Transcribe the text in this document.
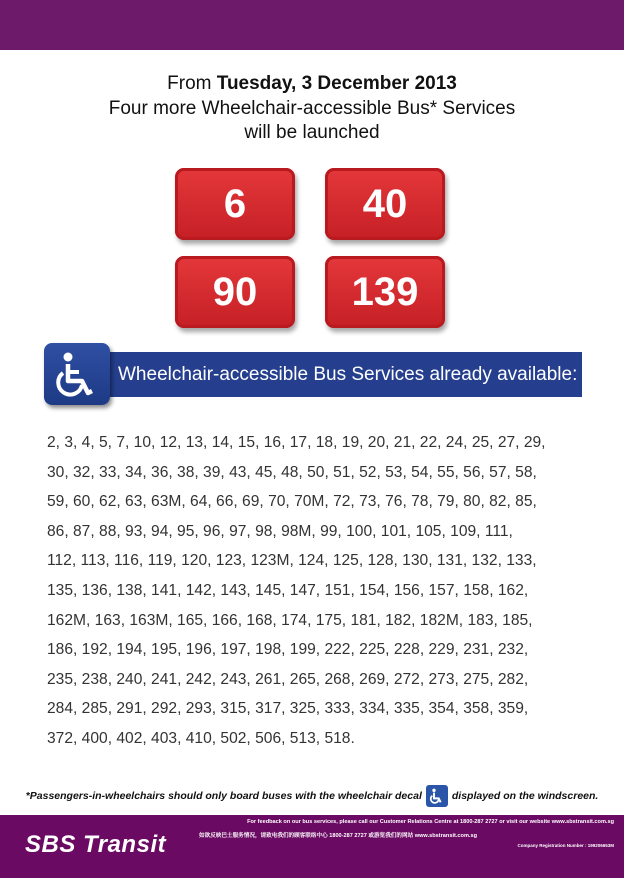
From Tuesday, 3 December 2013
Four more Wheelchair-accessible Bus* Services
will be launched
6	40
90	139
Wheelchair-accessible Bus Services already available:
2, 3, 4, 5, 7, 10, 12, 13, 14, 15, 16, 17, 18, 19, 20, 21, 22, 24, 25, 27, 29,
30, 32, 33, 34, 36, 38, 39, 43, 45, 48, 50, 51, 52, 53, 54, 55, 56, 57, 58,
59, 60, 62, 63, 63M, 64, 66, 69, 70, 70M, 72, 73, 76, 78, 79, 80, 82, 85,
86, 87, 88, 93, 94, 95, 96, 97, 98, 98M, 99, 100, 101, 105, 109, 111,
112, 113, 116, 119, 120, 123, 123M, 124, 125, 128, 130, 131, 132, 133,
135, 136, 138, 141, 142, 143, 145, 147, 151, 154, 156, 157, 158, 162,
162M, 163, 163M, 165, 166, 168, 174, 175, 181, 182, 182M, 183, 185,
186, 192, 194, 195, 196, 197, 198, 199, 222, 225, 228, 229, 231, 232,
235, 238, 240, 241, 242, 243, 261, 265, 268, 269, 272, 273, 275, 282,
284, 285, 291, 292, 293, 315, 317, 325, 333, 334, 335, 354, 358, 359,
372, 400, 402, 403, 410, 502, 506, 513, 518.
*Passengers-in-wheelchairs should only board buses with the wheelchair decal	displayed on the windscreen.
SBS Transit
For feedback on our bus services, please call our Customer Relations Centre at 1800-287 2727 or visit our website www.sbstransit.com.sg
如欲反映巴士服务情况，请致电我们的顾客联络中心 1800-287 2727 或游览我们的网站 www.sbstransit.com.sg
Company Registration Number : 199206653M
